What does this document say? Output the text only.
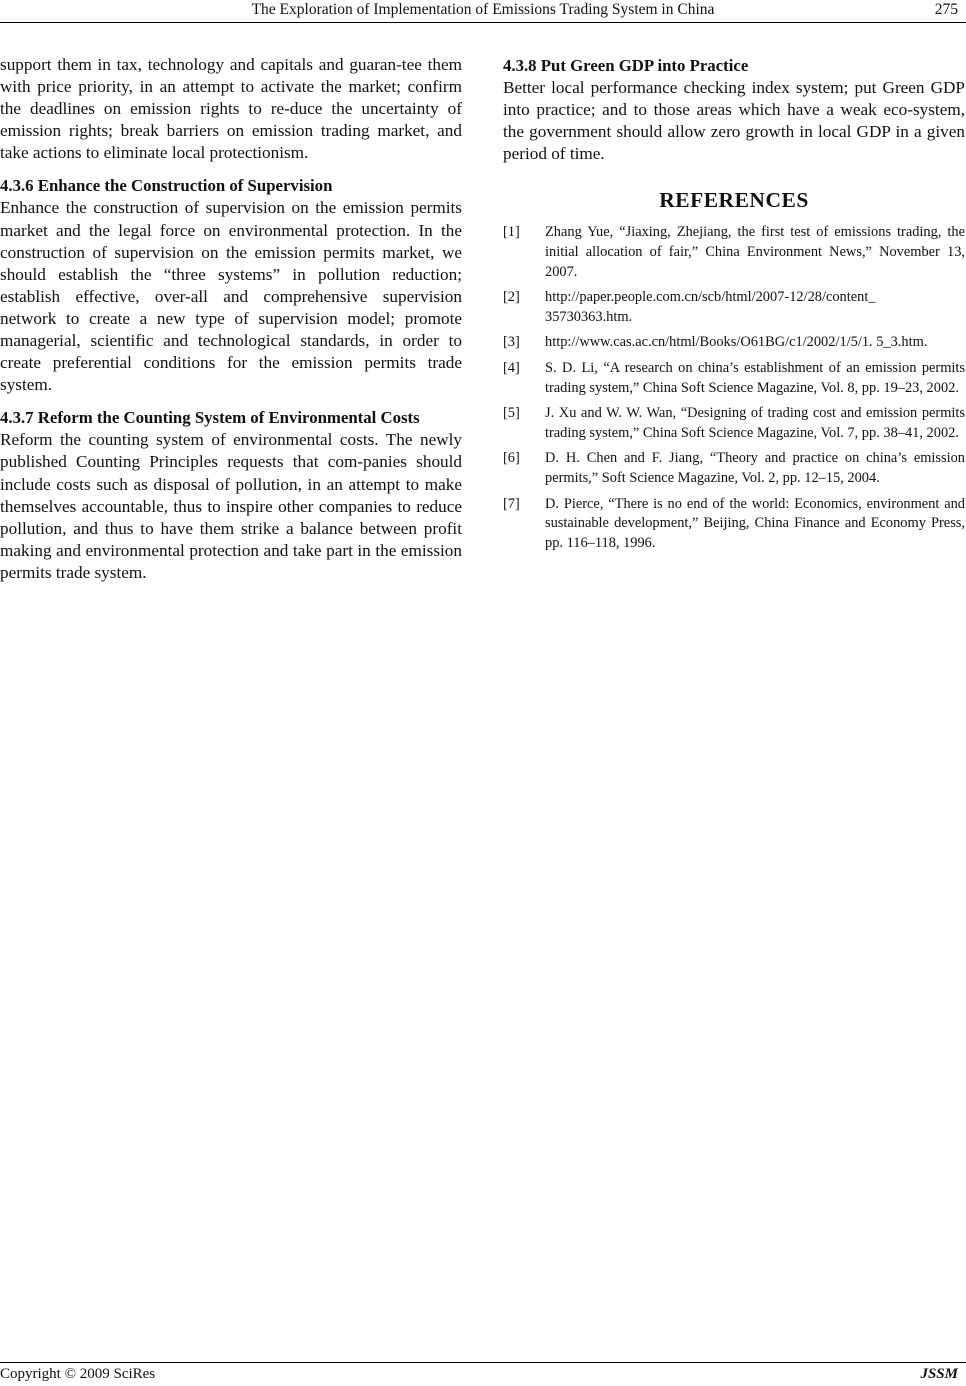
The Exploration of Implementation of Emissions Trading System in China	275

support them in tax, technology and capitals and guaran-tee them with price priority, in an attempt to activate the market; confirm the deadlines on emission rights to re-duce the uncertainty of emission rights; break barriers on emission trading market, and take actions to eliminate local protectionism.

4.3.6 Enhance the Construction of Supervision

Enhance the construction of supervision on the emission permits market and the legal force on environmental protection. In the construction of supervision on the emission permits market, we should establish the “three systems” in pollution reduction; establish effective, over-all and comprehensive supervision network to create a new type of supervision model; promote managerial, scientific and technological standards, in order to create preferential conditions for the emission permits trade system.

4.3.7 Reform the Counting System of Environmental Costs

Reform the counting system of environmental costs. The newly published Counting Principles requests that com-panies should include costs such as disposal of pollution, in an attempt to make themselves accountable, thus to inspire other companies to reduce pollution, and thus to have them strike a balance between profit making and environmental protection and take part in the emission permits trade system.

4.3.8 Put Green GDP into Practice

Better local performance checking index system; put Green GDP into practice; and to those areas which have a weak eco-system, the government should allow zero growth in local GDP in a given period of time.

REFERENCES
[1] Zhang Yue, “Jiaxing, Zhejiang, the first test of emissions trading, the initial allocation of fair,” China Environment News,” November 13, 2007.
[2] http://paper.people.com.cn/scb/html/2007-12/28/content_ 35730363.htm.
[3] http://www.cas.ac.cn/html/Books/O61BG/c1/2002/1/5/1. 5_3.htm.
[4] S. D. Li, “A research on china’s establishment of an emission permits trading system,” China Soft Science Magazine, Vol. 8, pp. 19–23, 2002.
[5] J. Xu and W. W. Wan, “Designing of trading cost and emission permits trading system,” China Soft Science Magazine, Vol. 7, pp. 38–41, 2002.
[6] D. H. Chen and F. Jiang, “Theory and practice on china’s emission permits,” Soft Science Magazine, Vol. 2, pp. 12–15, 2004.
[7] D. Pierce, “There is no end of the world: Economics, environment and sustainable development,” Beijing, China Finance and Economy Press, pp. 116–118, 1996.
Copyright © 2009 SciRes	JSSM
